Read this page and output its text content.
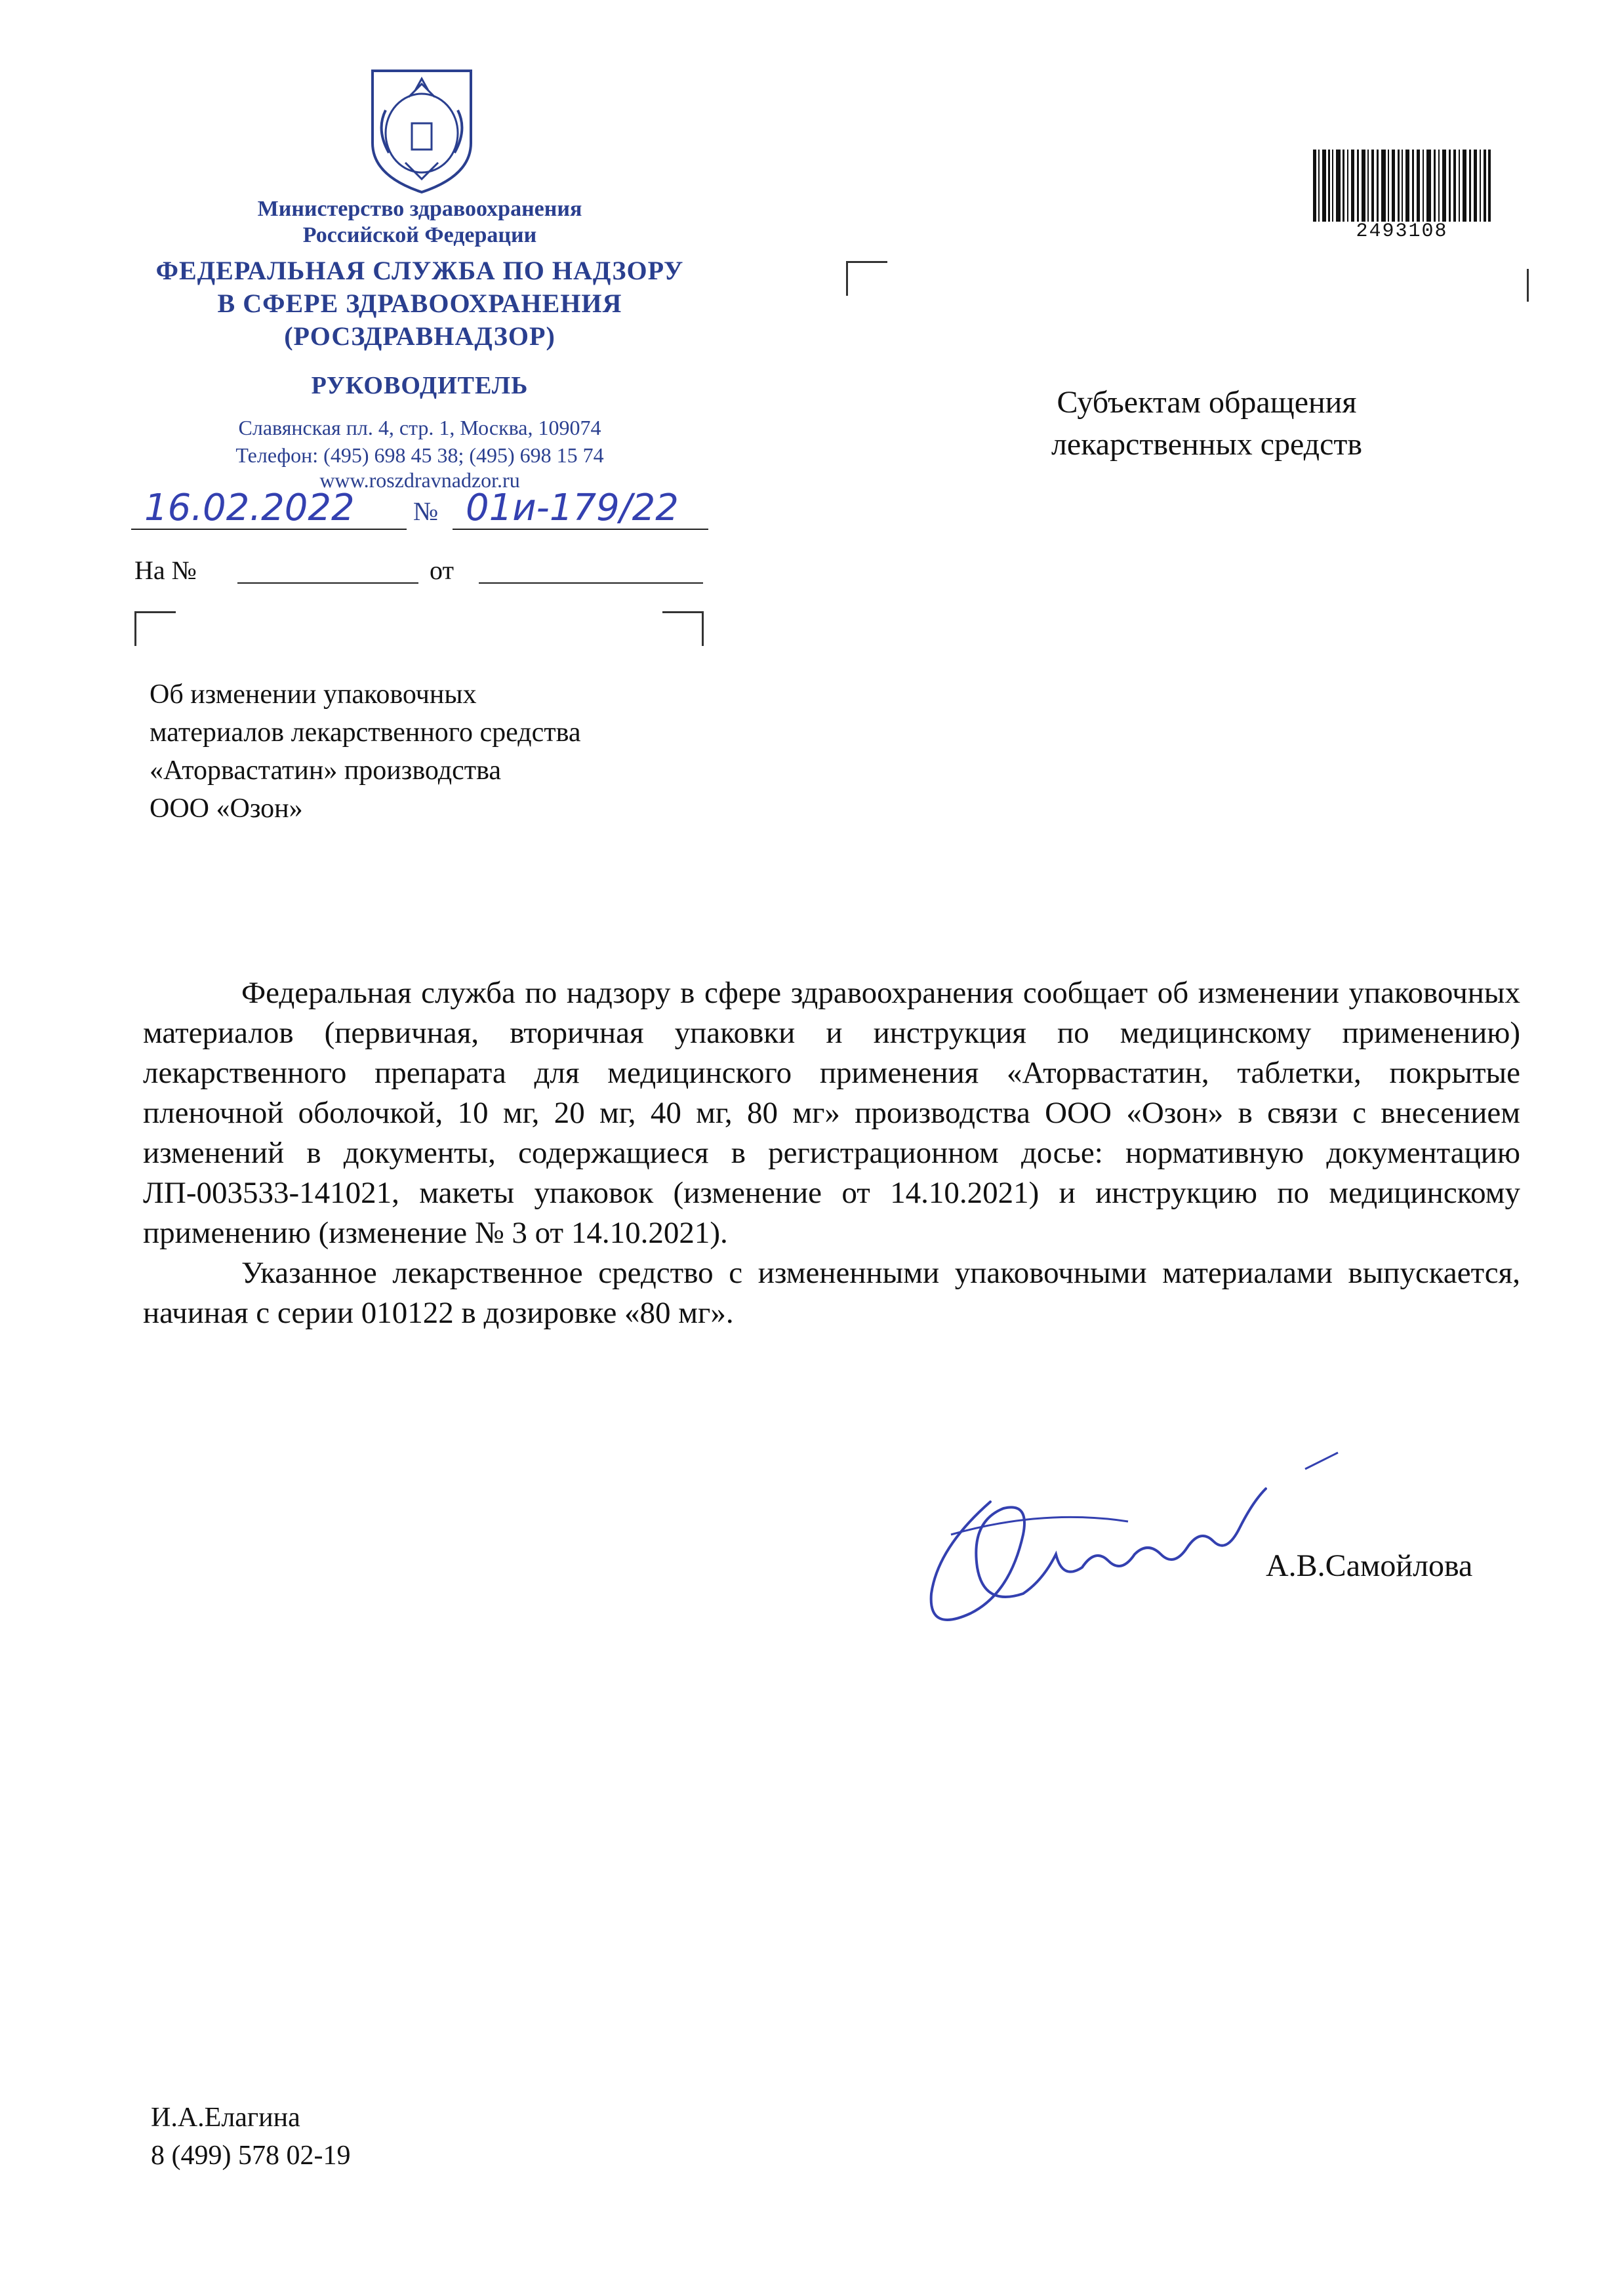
Министерство здравоохранения
Российской Федерации
ФЕДЕРАЛЬНАЯ СЛУЖБА ПО НАДЗОРУ
В СФЕРЕ ЗДРАВООХРАНЕНИЯ
(РОСЗДРАВНАДЗОР)
РУКОВОДИТЕЛЬ
Славянская пл. 4, стр. 1, Москва, 109074
Телефон: (495) 698 45 38; (495) 698 15 74
www.roszdravnadzor.ru
16.02.2022 № 01и-179/22
На №	от
2493108
Субъектам обращения
лекарственных средств
Об изменении упаковочных
материалов лекарственного средства
«Аторвастатин» производства
ООО «Озон»

Федеральная служба по надзору в сфере здравоохранения сообщает об изменении упаковочных материалов (первичная, вторичная упаковки и инструкция по медицинскому применению) лекарственного препарата для медицинского применения «Аторвастатин, таблетки, покрытые пленочной оболочкой, 10 мг, 20 мг, 40 мг, 80 мг» производства ООО «Озон» в связи с внесением изменений в документы, содержащиеся в регистрационном досье: нормативную документацию ЛП-003533-141021, макеты упаковок (изменение от 14.10.2021) и инструкцию по медицинскому применению (изменение № 3 от 14.10.2021).

Указанное лекарственное средство с измененными упаковочными материалами выпускается, начиная с серии 010122 в дозировке «80 мг».

А.В.Самойлова
И.А.Елагина
8 (499) 578 02-19
